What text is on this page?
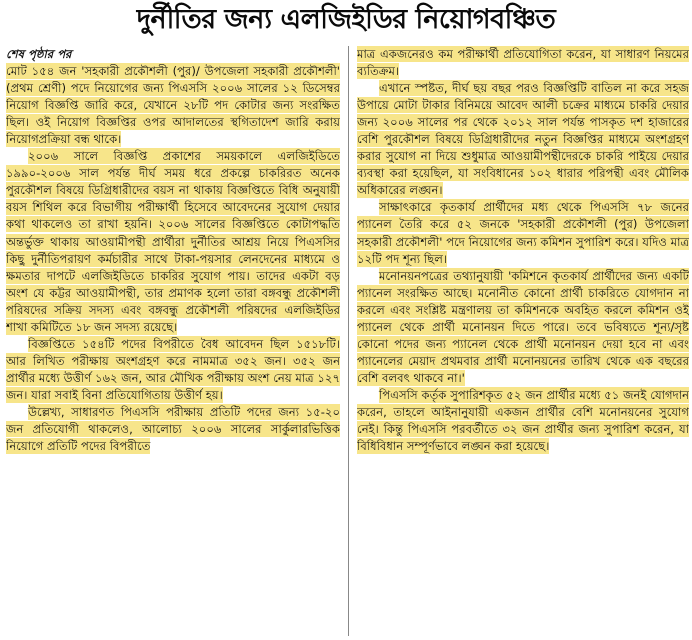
দুর্নীতির জন্য এলজিইডির নিয়োগবঞ্চিত

শেষ পৃষ্ঠার পর

মোট ১৫৪ জন 'সহকারী প্রকৌশলী (পুর)/ উপজেলা সহকারী প্রকৌশলী' (প্রথম শ্রেণী) পদে নিয়োগের জন্য পিএসসি ২০০৬ সালের ১২ ডিসেম্বর নিয়োগ বিজ্ঞপ্তি জারি করে, যেখানে ২৮টি পদ কোটার জন্য সংরক্ষিত ছিল। ওই নিয়োগ বিজ্ঞপ্তির ওপর আদালতের স্থগিতাদেশ জারি করায় নিয়োগপ্রক্রিয়া বন্ধ থাকে।

২০০৬ সালে বিজ্ঞপ্তি প্রকাশের সময়কালে এলজিইডিতে ১৯৯০-২০০৬ সাল পর্যন্ত দীর্ঘ সময় ধরে প্রকল্পে চাকরিরত অনেক পুরকৌশল বিষয়ে ডিগ্রিধারীদের বয়স না থাকায় বিজ্ঞপ্তিতে বিধি অনুযায়ী বয়স শিথিল করে বিভাগীয় পরীক্ষার্থী হিসেবে আবেদনের সুযোগ দেয়ার কথা থাকলেও তা রাখা হয়নি। ২০০৬ সালের বিজ্ঞপ্তিতে কোটাপদ্ধতি অন্তর্ভুক্ত থাকায় আওয়ামীপন্থী প্রার্থীরা দুর্নীতির আশ্রয় নিয়ে পিএসসির কিছু দুর্নীতিপরায়ণ কর্মচারীর সাথে টাকা-পয়সার লেনদেনের মাধ্যমে ও ক্ষমতার দাপটে এলজিইডিতে চাকরির সুযোগ পায়। তাদের একটা বড় অংশ যে কট্টর আওয়ামীপন্থী, তার প্রমাণক হলো তারা বঙ্গবন্ধু প্রকৌশলী পরিষদের সক্রিয় সদস্য এবং বঙ্গবন্ধু প্রকৌশলী পরিষদের এলজিইডির শাখা কমিটিতে ১৮ জন সদস্য রয়েছে।

বিজ্ঞপ্তিতে ১৫৪টি পদের বিপরীতে বৈধ আবেদন ছিল ১৫১৮টি। আর লিখিত পরীক্ষায় অংশগ্রহণ করে নামমাত্র ৩৫২ জন। ৩৫২ জন প্রার্থীর মধ্যে উত্তীর্ণ ১৬২ জন, আর মৌখিক পরীক্ষায় অংশ নেয় মাত্র ১২৭ জন। যারা সবাই বিনা প্রতিযোগিতায় উত্তীর্ণ হয়।

উল্লেখ্য, সাধারণত পিএসসি পরীক্ষায় প্রতিটি পদের জন্য ১৫-২০ জন প্রতিযোগী থাকলেও, আলোচ্য ২০০৬ সালের সার্কুলারভিত্তিক নিয়োগে প্রতিটি পদের বিপরীতে

মাত্র একজনেরও কম পরীক্ষার্থী প্রতিযোগিতা করেন, যা সাধারণ নিয়মের ব্যতিক্রম।

এখানে স্পষ্টত, দীর্ঘ ছয় বছর পরও বিজ্ঞপ্তিটি বাতিল না করে সহজ উপায়ে মোটা টাকার বিনিময়ে আবেদ আলী চক্রের মাধ্যমে চাকরি দেয়ার জন্য ২০০৬ সালের পর থেকে ২০১২ সাল পর্যন্ত পাসকৃত দশ হাজারের বেশি পুরকৌশল বিষয়ে ডিগ্রিধারীদের নতুন বিজ্ঞপ্তির মাধ্যমে অংশগ্রহণ করার সুযোগ না দিয়ে শুধুমাত্র আওয়ামীপন্থীদেরকে চাকরি পাইয়ে দেয়ার ব্যবস্থা করা হয়েছিল, যা সংবিধানের ১০২ ধারার পরিপন্থী এবং মৌলিক অধিকারের লঙ্ঘন।

সাক্ষাৎকারে কৃতকার্য প্রার্থীদের মধ্য থেকে পিএসসি ৭৮ জনের প্যানেল তৈরি করে ৫২ জনকে 'সহকারী প্রকৌশলী (পুর) উপজেলা সহকারী প্রকৌশলী' পদে নিয়োগের জন্য কমিশন সুপারিশ করে। যদিও মাত্র ১২টি পদ শূন্য ছিল।

মনোনয়নপত্রের তথ্যানুযায়ী 'কমিশনে কৃতকার্য প্রার্থীদের জন্য একটি প্যানেল সংরক্ষিত আছে। মনোনীত কোনো প্রার্থী চাকরিতে যোগদান না করলে এবং সংশ্লিষ্ট মন্ত্রণালয় তা কমিশনকে অবহিত করলে কমিশন ওই প্যানেল থেকে প্রার্থী মনোনয়ন দিতে পারে। তবে ভবিষ্যতে শূন্য/সৃষ্ট কোনো পদের জন্য প্যানেল থেকে প্রার্থী মনোনয়ন দেয়া হবে না এবং প্যানেলের মেয়াদ প্রথমবার প্রার্থী মনোনয়নের তারিখ থেকে এক বছরের বেশি বলবৎ থাকবে না।'

পিএসসি কর্তৃক সুপারিশকৃত ৫২ জন প্রার্থীর মধ্যে ৫১ জনই যোগদান করেন, তাহলে আইনানুযায়ী একজন প্রার্থীর বেশি মনোনয়নের সুযোগ নেই। কিন্তু পিএসসি পরবর্তীতে ৩২ জন প্রার্থীর জন্য সুপারিশ করেন, যা বিধিবিধান সম্পূর্ণভাবে লঙ্ঘন করা হয়েছে।
